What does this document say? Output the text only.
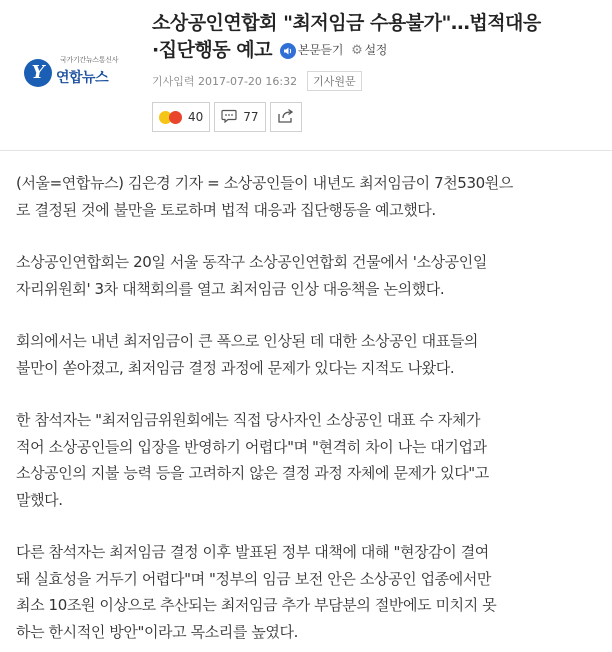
국가기간뉴스통신사
Y 연합뉴스
소상공인연합회 "최저임금 수용불가"…법적대응
·집단행동 예고 본문듣기 ⚙ 설정
기사입력 2017-07-20 16:32	기사원문
40	77

(서울=연합뉴스) 김은경 기자 = 소상공인들이 내년도 최저임금이 7천530원으
로 결정된 것에 불만을 토로하며 법적 대응과 집단행동을 예고했다.

소상공인연합회는 20일 서울 동작구 소상공인연합회 건물에서 '소상공인일
자리위원회' 3차 대책회의를 열고 최저임금 인상 대응책을 논의했다.

회의에서는 내년 최저임금이 큰 폭으로 인상된 데 대한 소상공인 대표들의
불만이 쏟아졌고, 최저임금 결정 과정에 문제가 있다는 지적도 나왔다.

한 참석자는 "최저임금위원회에는 직접 당사자인 소상공인 대표 수 자체가
적어 소상공인들의 입장을 반영하기 어렵다"며 "현격히 차이 나는 대기업과
소상공인의 지불 능력 등을 고려하지 않은 결정 과정 자체에 문제가 있다"고
말했다.

다른 참석자는 최저임금 결정 이후 발표된 정부 대책에 대해 "현장감이 결여
돼 실효성을 거두기 어렵다"며 "정부의 임금 보전 안은 소상공인 업종에서만
최소 10조원 이상으로 추산되는 최저임금 추가 부담분의 절반에도 미치지 못
하는 한시적인 방안"이라고 목소리를 높였다.
